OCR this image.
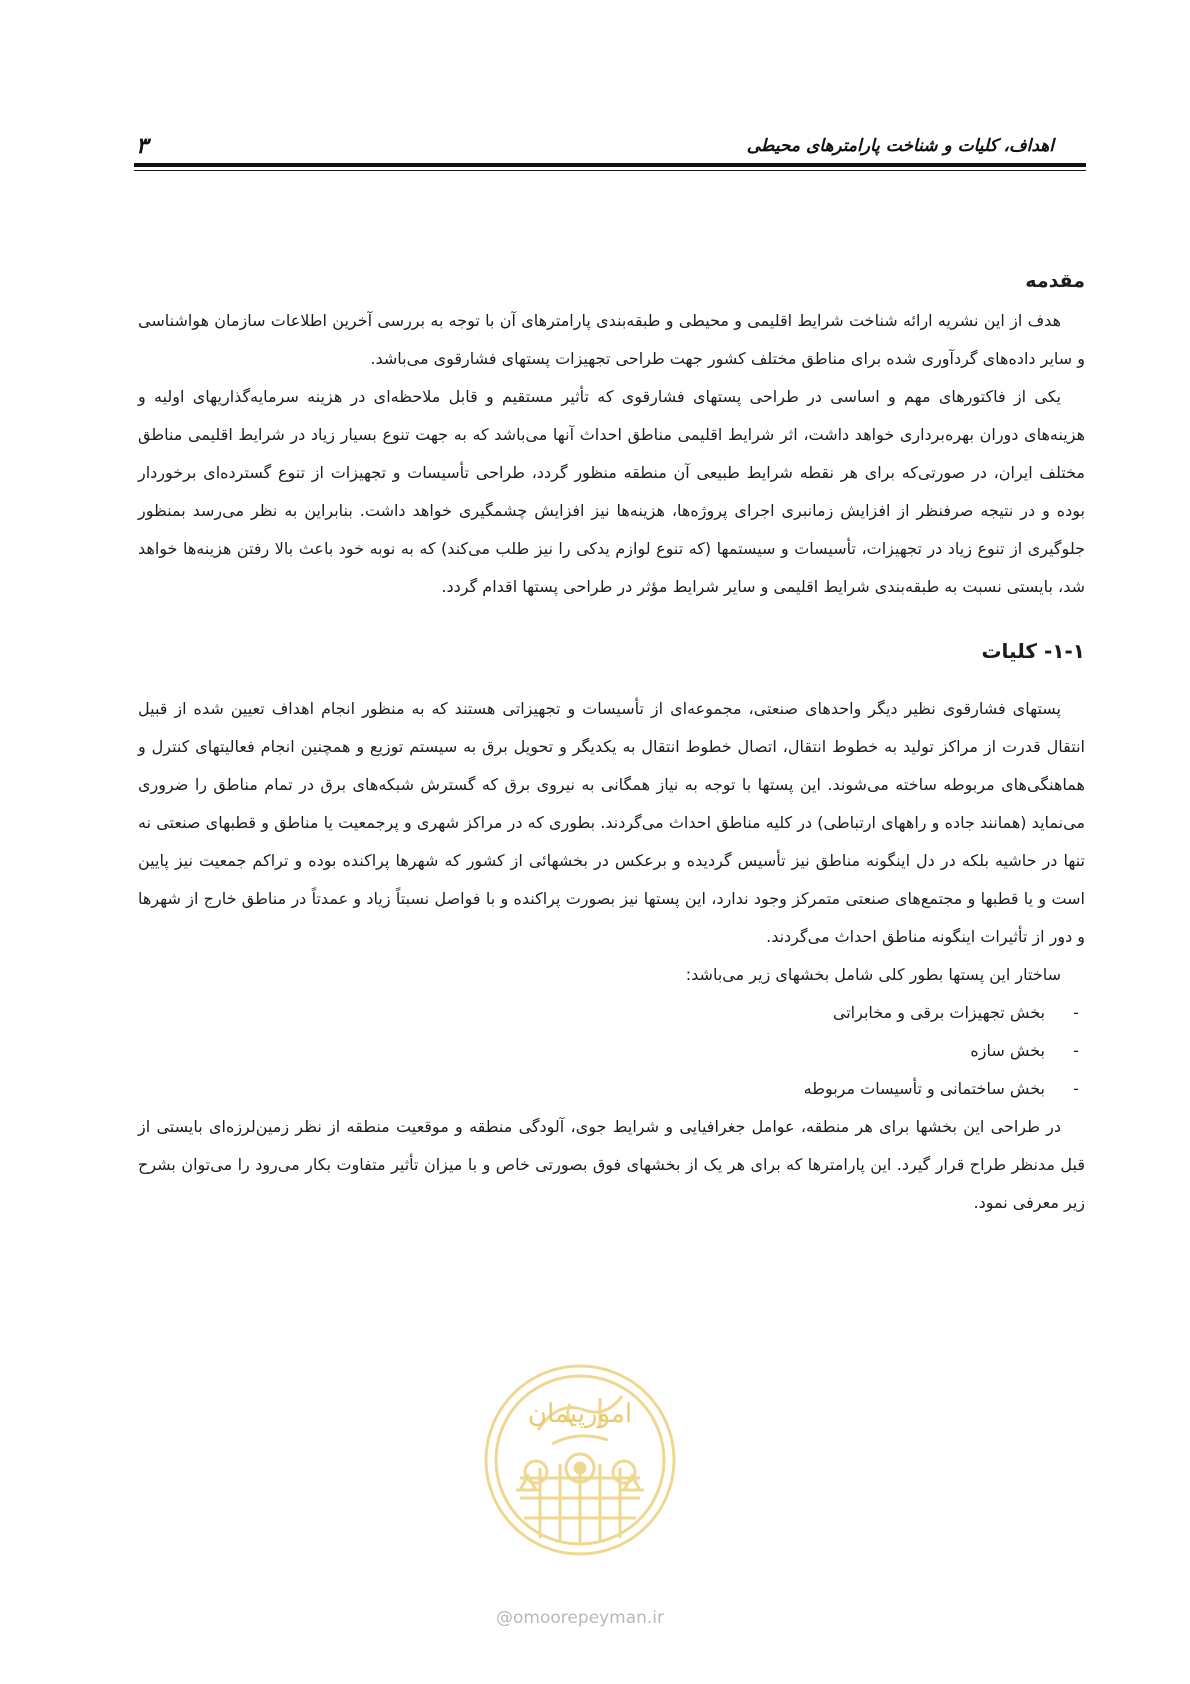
اهداف، کلیات و شناخت پارامترهای محیطی
۳
مقدمه

هدف از این نشریه ارائه شناخت شرایط اقلیمی و محیطی و طبقه‌بندی پارامترهای آن با توجه به بررسی آخرین اطلاعات سازمان هواشناسی و سایر داده‌های گردآوری شده برای مناطق مختلف کشور جهت طراحی تجهیزات پستهای فشارقوی می‌باشد.

یکی از فاکتورهای مهم و اساسی در طراحی پستهای فشارقوی که تأثیر مستقیم و قابل ملاحظه‌ای در هزینه سرمایه‌گذاریهای اولیه و هزینه‌های دوران بهره‌برداری خواهد داشت، اثر شرایط اقلیمی مناطق احداث آنها می‌باشد که به جهت تنوع بسیار زیاد در شرایط اقلیمی مناطق مختلف ایران، در صورتی‌که برای هر نقطه شرایط طبیعی آن منطقه منظور گردد، طراحی تأسیسات و تجهیزات از تنوع گسترده‌ای برخوردار بوده و در نتیجه صرفنظر از افزایش زمانبری اجرای پروژه‌ها، هزینه‌ها نیز افزایش چشمگیری خواهد داشت. بنابراین به نظر می‌رسد بمنظور جلوگیری از تنوع زیاد در تجهیزات، تأسیسات و سیستمها (که تنوع لوازم یدکی را نیز طلب می‌کند) که به نوبه خود باعث بالا رفتن هزینه‌ها خواهد شد، بایستی نسبت به طبقه‌بندی شرایط اقلیمی و سایر شرایط مؤثر در طراحی پستها اقدام گردد.

۱-۱- کلیات

پستهای فشارقوی نظیر دیگر واحدهای صنعتی، مجموعه‌ای از تأسیسات و تجهیزاتی هستند که به منظور انجام اهداف تعیین شده از قبیل انتقال قدرت از مراکز تولید به خطوط انتقال، اتصال خطوط انتقال به یکدیگر و تحویل برق به سیستم توزیع و همچنین انجام فعالیتهای کنترل و هماهنگی‌های مربوطه ساخته می‌شوند. این پستها با توجه به نیاز همگانی به نیروی برق که گسترش شبکه‌های برق در تمام مناطق را ضروری می‌نماید (همانند جاده و راههای ارتباطی) در کلیه مناطق احداث می‌گردند. بطوری که در مراکز شهری و پرجمعیت یا مناطق و قطبهای صنعتی نه تنها در حاشیه بلکه در دل اینگونه مناطق نیز تأسیس گردیده و برعکس در بخشهائی از کشور که شهرها پراکنده بوده و تراکم جمعیت نیز پایین است و یا قطبها و مجتمع‌های صنعتی متمرکز وجود ندارد، این پستها نیز بصورت پراکنده و با فواصل نسبتاً زیاد و عمدتاً در مناطق خارج از شهرها و دور از تأثیرات اینگونه مناطق احداث می‌گردند.

ساختار این پستها بطور کلی شامل بخشهای زیر می‌باشد:

-
بخش تجهیزات برقی و مخابراتی
-
بخش سازه
-
بخش ساختمانی و تأسیسات مربوطه

در طراحی این بخشها برای هر منطقه، عوامل جغرافیایی و شرایط جوی، آلودگی منطقه و موقعیت منطقه از نظر زمین‌لرزه‌ای بایستی از قبل مدنظر طراح قرار گیرد. این پارامترها که برای هر یک از بخشهای فوق بصورتی خاص و با میزان تأثیر متفاوت بکار می‌رود را می‌توان بشرح زیر معرفی نمود.

امورپیمان
@omoorepeyman.ir
